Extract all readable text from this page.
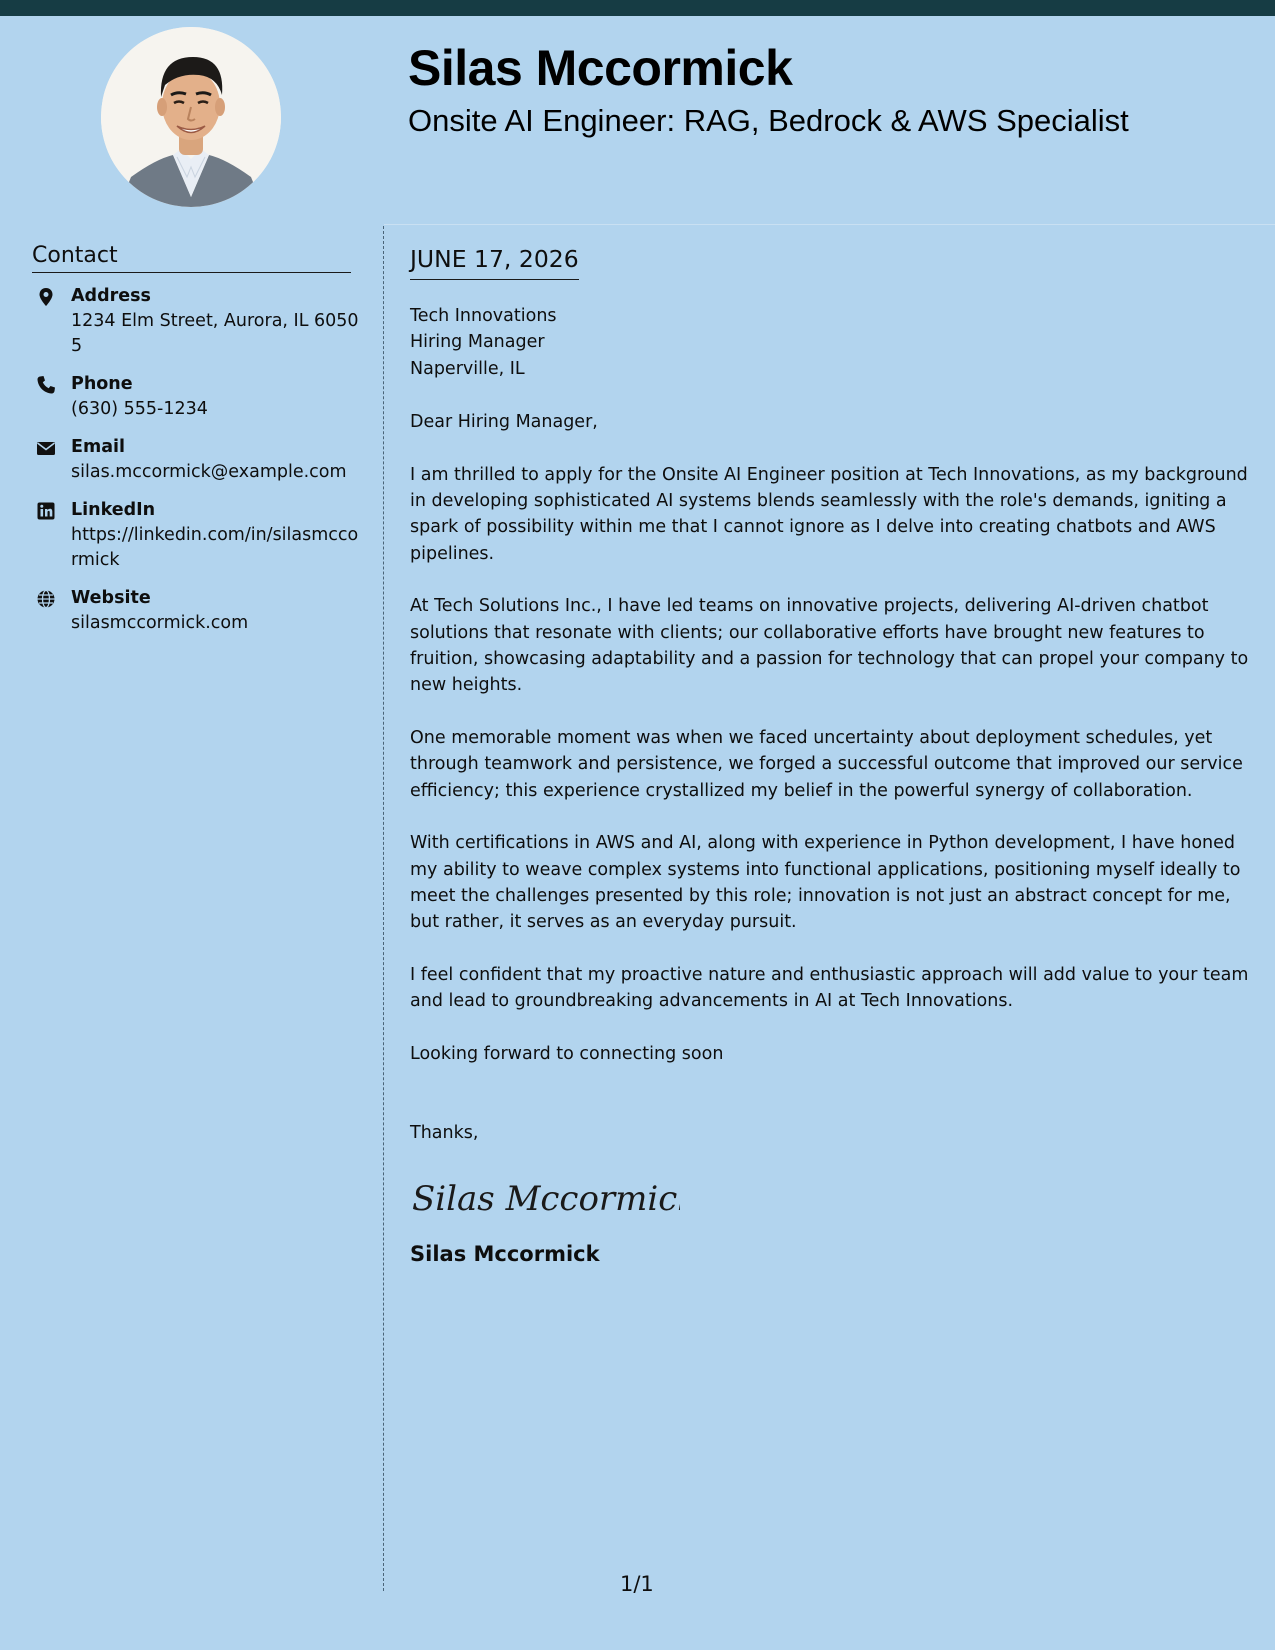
Silas Mccormick
Onsite AI Engineer: RAG, Bedrock & AWS Specialist
Contact
Address
1234 Elm Street, Aurora, IL 60505
Phone
(630) 555-1234
Email
silas.mccormick@example.com
LinkedIn
https://linkedin.com/in/silasmccormick
Website
silasmccormick.com
JUNE 17, 2026
Tech Innovations
Hiring Manager
Naperville, IL

Dear Hiring Manager,

I am thrilled to apply for the Onsite AI Engineer position at Tech Innovations, as my background in developing sophisticated AI systems blends seamlessly with the role's demands, igniting a spark of possibility within me that I cannot ignore as I delve into creating chatbots and AWS pipelines.

At Tech Solutions Inc., I have led teams on innovative projects, delivering AI-driven chatbot solutions that resonate with clients; our collaborative efforts have brought new features to fruition, showcasing adaptability and a passion for technology that can propel your company to new heights.

One memorable moment was when we faced uncertainty about deployment schedules, yet through teamwork and persistence, we forged a successful outcome that improved our service efficiency; this experience crystallized my belief in the powerful synergy of collaboration.

With certifications in AWS and AI, along with experience in Python development, I have honed my ability to weave complex systems into functional applications, positioning myself ideally to meet the challenges presented by this role; innovation is not just an abstract concept for me, but rather, it serves as an everyday pursuit.

I feel confident that my proactive nature and enthusiastic approach will add value to your team and lead to groundbreaking advancements in AI at Tech Innovations.

Looking forward to connecting soon

Thanks,
Silas Mccormick
Silas Mccormick
1/1
